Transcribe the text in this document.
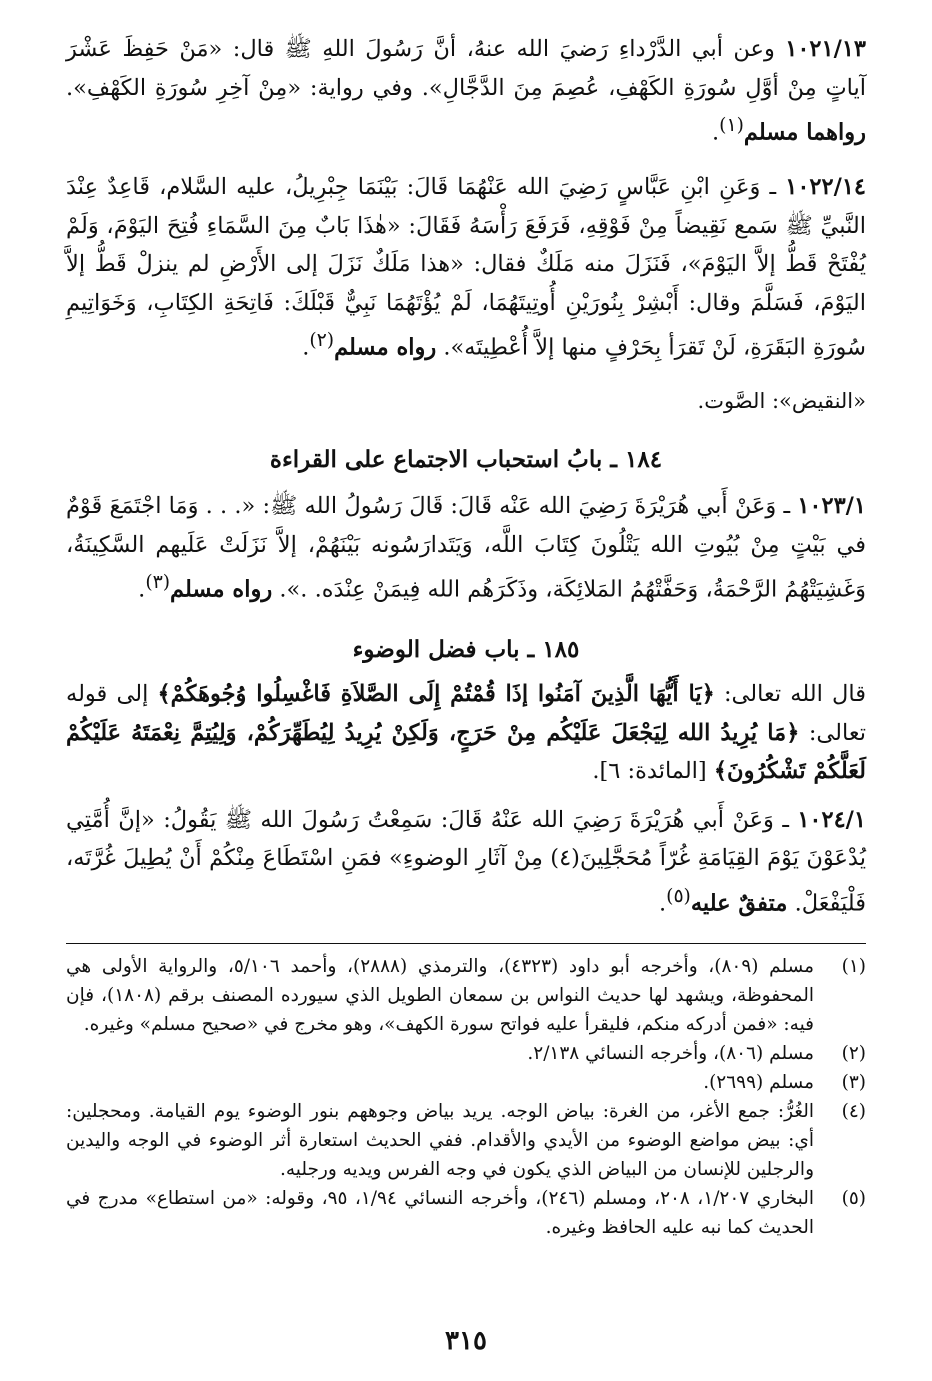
١٠٢١/١٣ وعن أبي الدَّرْداءِ رَضيَ الله عنهُ، أنَّ رَسُولَ اللهِ ﷺ قال: «مَنْ حَفِظَ عَشْرَ آياتٍ مِنْ أوَّلِ سُورَةِ الكَهْفِ، عُصِمَ مِنَ الدَّجَّالِ». وفي رواية: «مِنْ آخِرِ سُورَةِ الكَهْفِ». رواهما مسلم$^{(١)}$.

١٠٢٢/١٤ ـ وَعَنِ ابْنِ عَبَّاسٍ رَضِيَ الله عَنْهُمَا قَالَ: بَيْنَمَا جِبْرِيلُ، عليه السَّلام، قَاعِدٌ عِنْدَ النَّبيِّ ﷺ سَمع نَقِيضاً مِنْ فَوْقِهِ، فَرَفَعَ رَأْسَهُ فَقَالَ: «هٰذَا بَابٌ مِنَ السَّمَاءِ فُتِحَ اليَوْمَ، وَلَمْ يُفْتَحْ قَطُّ إلاَّ اليَوْمَ»، فَنَزَلَ منه مَلَكٌ فقال: «هذا مَلَكٌ نَزَلَ إلى الأَرْضِ لم ينزلْ قَطُّ إلاَّ اليَوْمَ، فَسَلَّمَ وقال: أَبْشِرْ بِنُورَيْنِ أُوتِيتَهُمَا، لَمْ يُؤْتَهُمَا نَبِيٌّ قَبْلَكَ: فَاتِحَةِ الكِتَابِ، وَخَوَاتِيمِ سُورَةِ البَقَرَةِ، لَنْ تَقرَأ بِحَرْفٍ منها إلاَّ أُعْطِيتَه». رواه مسلم$^{(٢)}$.

«النقيض»: الصَّوت.

١٨٤ ـ بابُ استحباب الاجتماع على القراءة

١٠٢٣/١ ـ وَعَنْ أَبي هُرَيْرَةَ رَضِيَ الله عَنْه قَالَ: قَالَ رَسُولُ الله ﷺ: «. . . وَمَا اجْتَمَعَ قَوْمٌ في بَيْتٍ مِنْ بُيُوتِ الله يَتْلُونَ كِتَابَ اللَّه، وَيَتَدارَسُونه بَيْنَهُمْ، إلاَّ نَزَلَتْ عَلَيهم السَّكِينَةُ، وَغَشِيَتْهُمُ الرَّحْمَةُ، وَحَفَّتْهُمُ المَلائِكَة، وذَكَرَهُم الله فِيمَنْ عِنْدَه. .». رواه مسلم$^{(٣)}$.

١٨٥ ـ باب فضل الوضوء

قال الله تعالى: ﴿يَا أَيُّهَا الَّذِينَ آمَنُوا إذَا قُمْتُمْ إِلَى الصَّلاَةِ فَاغْسِلُوا وُجُوهَكُمْ﴾ إلى قوله تعالى: ﴿مَا يُرِيدُ الله لِيَجْعَلَ عَلَيْكُم مِنْ حَرَجٍ، وَلَكِنْ يُرِيدُ لِيُطَهِّرَكُمْ، وَلِيُتِمَّ نِعْمَتَهُ عَلَيْكُمْ لَعَلَّكُمْ تَشْكُرُونَ﴾ [المائدة: ٦].

١٠٢٤/١ ـ وَعَنْ أَبي هُرَيْرَةَ رَضِيَ الله عَنْهُ قَالَ: سَمِعْتُ رَسُولَ الله ﷺ يَقُولُ: «إنَّ أُمَّتِي يُدْعَوْنَ يَوْمَ القِيَامَةِ غُرّاً مُحَجَّلِينَ(٤) مِنْ آثَارِ الوضوءِ» فمَنِ اسْتَطَاعَ مِنْكُمْ أَنْ يُطِيلَ غُرَّتَه، فَلْيَفْعَلْ. متفقٌ عليه$^{(٥)}$.

(١)
مسلم (٨٠٩)، وأخرجه أبو داود (٤٣٢٣)، والترمذي (٢٨٨٨)، وأحمد ٥/١٠٦، والرواية الأولى هي المحفوظة، ويشهد لها حديث النواس بن سمعان الطويل الذي سيورده المصنف برقم (١٨٠٨)، فإن فيه: «فمن أدركه منكم، فليقرأ عليه فواتح سورة الكهف»، وهو مخرج في «صحيح مسلم» وغيره.
(٢)
مسلم (٨٠٦)، وأخرجه النسائي ٢/١٣٨.
(٣)
مسلم (٢٦٩٩).
(٤)
الغُرُّ: جمع الأغر، من الغرة: بياض الوجه. يريد بياض وجوههم بنور الوضوء يوم القيامة. ومحجلين: أي: بيض مواضع الوضوء من الأيدي والأقدام. ففي الحديث استعارة أثر الوضوء في الوجه واليدين والرجلين للإنسان من البياض الذي يكون في وجه الفرس ويديه ورجليه.
(٥)
البخاري ١/٢٠٧، ٢٠٨، ومسلم (٢٤٦)، وأخرجه النسائي ١/٩٤، ٩٥، وقوله: «من استطاع» مدرج في الحديث كما نبه عليه الحافظ وغيره.
٣١٥
